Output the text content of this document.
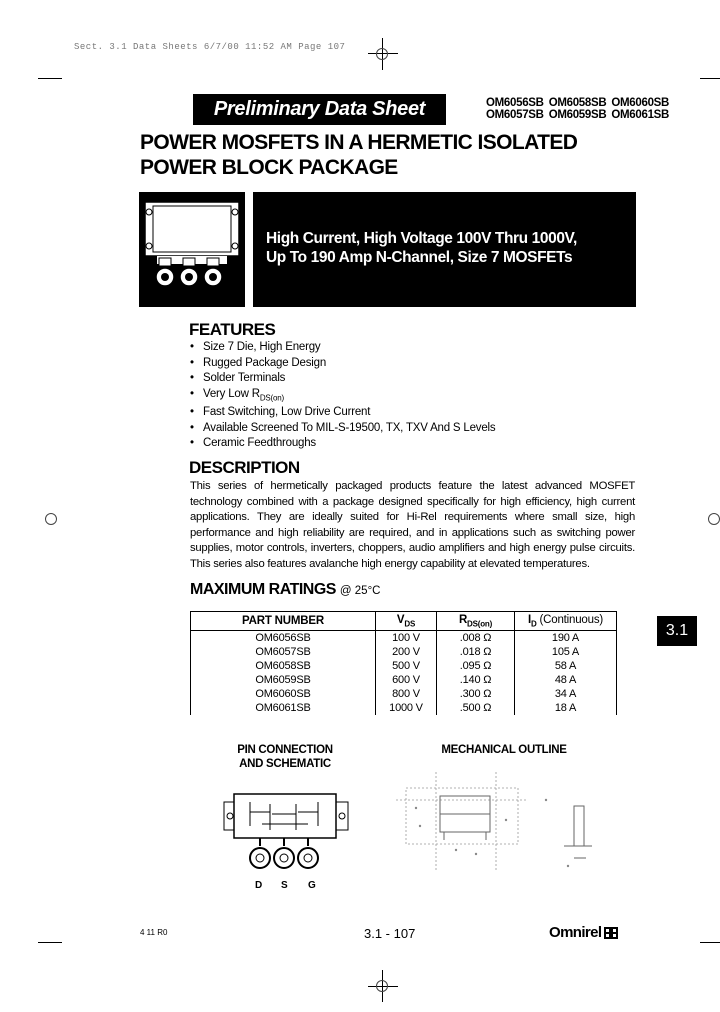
Sect. 3.1 Data Sheets 6/7/00 11:52 AM Page 107
Preliminary Data Sheet	OM6056SB OM6058SB OM6060SB
OM6057SB OM6059SB OM6061SB
POWER MOSFETS IN A HERMETIC ISOLATED
POWER BLOCK PACKAGE
High Current, High Voltage 100V Thru 1000V,
Up To 190 Amp N-Channel, Size 7 MOSFETs
FEATURES
• Size 7 Die, High Energy
• Rugged Package Design
• Solder Terminals
• Very Low $R_{DS(on)}$
• Fast Switching, Low Drive Current
• Available Screened To MIL-S-19500, TX, TXV And S Levels
• Ceramic Feedthroughs
DESCRIPTION

This series of hermetically packaged products feature the latest advanced MOSFET technology combined with a package designed specifically for high efficiency, high current applications. They are ideally suited for Hi-Rel requirements where small size, high performance and high reliability are required, and in applications such as switching power supplies, motor controls, inverters, choppers, audio amplifiers and high energy pulse circuits. This series also features avalanche high energy capability at elevated temperatures.

MAXIMUM RATINGS @ 25°C
PART NUMBER	$V_{DS}$	$R_{DS(on)}$	$I_D$ (Continuous)
OM6056SB	100 V	.008 Ω	190 A
OM6057SB	200 V	.018 Ω	105 A
OM6058SB	500 V	.095 Ω	58 A
OM6059SB	600 V	.140 Ω	48 A
OM6060SB	800 V	.300 Ω	34 A
OM6061SB	1000 V	.500 Ω	18 A
3.1
PIN CONNECTION
AND SCHEMATIC
D S G
MECHANICAL OUTLINE
4 11 R0	3.1 - 107	Omnirel
